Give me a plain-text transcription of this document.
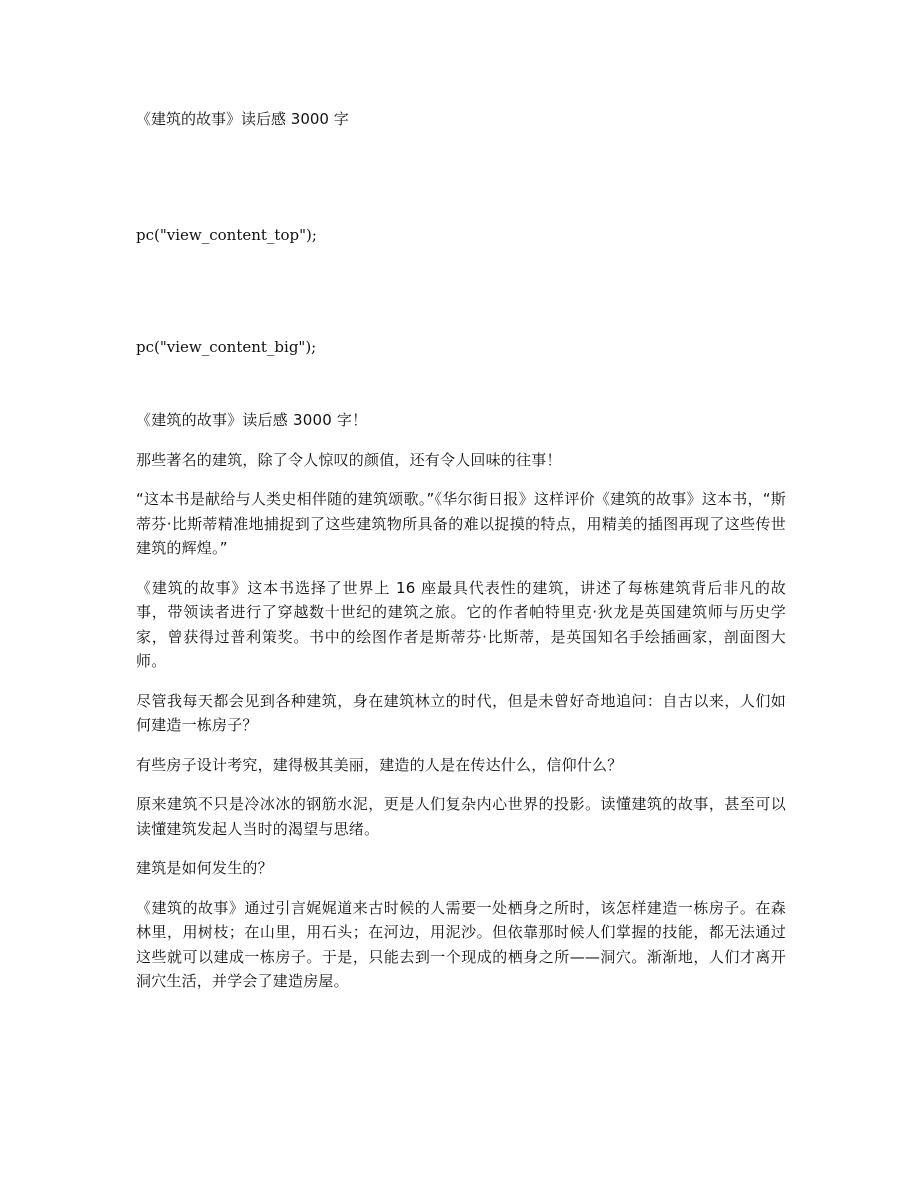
《建筑的故事》读后感 3000 字
pc("view_content_top");
pc("view_content_big");

《建筑的故事》读后感 3000 字！

那些著名的建筑，除了令人惊叹的颜值，还有令人回味的往事！

“这本书是献给与人类史相伴随的建筑颂歌。”《华尔街日报》这样评价《建筑的故事》这本书，“斯蒂芬·比斯蒂精准地捕捉到了这些建筑物所具备的难以捉摸的特点，用精美的插图再现了这些传世建筑的辉煌。”

《建筑的故事》这本书选择了世界上 16 座最具代表性的建筑，讲述了每栋建筑背后非凡的故事，带领读者进行了穿越数十世纪的建筑之旅。它的作者帕特里克·狄龙是英国建筑师与历史学家，曾获得过普利策奖。书中的绘图作者是斯蒂芬·比斯蒂，是英国知名手绘插画家，剖面图大师。

尽管我每天都会见到各种建筑，身在建筑林立的时代，但是未曾好奇地追问：自古以来，人们如何建造一栋房子？

有些房子设计考究，建得极其美丽，建造的人是在传达什么，信仰什么？

原来建筑不只是冷冰冰的钢筋水泥，更是人们复杂内心世界的投影。读懂建筑的故事，甚至可以读懂建筑发起人当时的渴望与思绪。

建筑是如何发生的？

《建筑的故事》通过引言娓娓道来古时候的人需要一处栖身之所时，该怎样建造一栋房子。在森林里，用树枝；在山里，用石头；在河边，用泥沙。但依靠那时候人们掌握的技能，都无法通过这些就可以建成一栋房子。于是，只能去到一个现成的栖身之所——洞穴。渐渐地，人们才离开洞穴生活，并学会了建造房屋。
